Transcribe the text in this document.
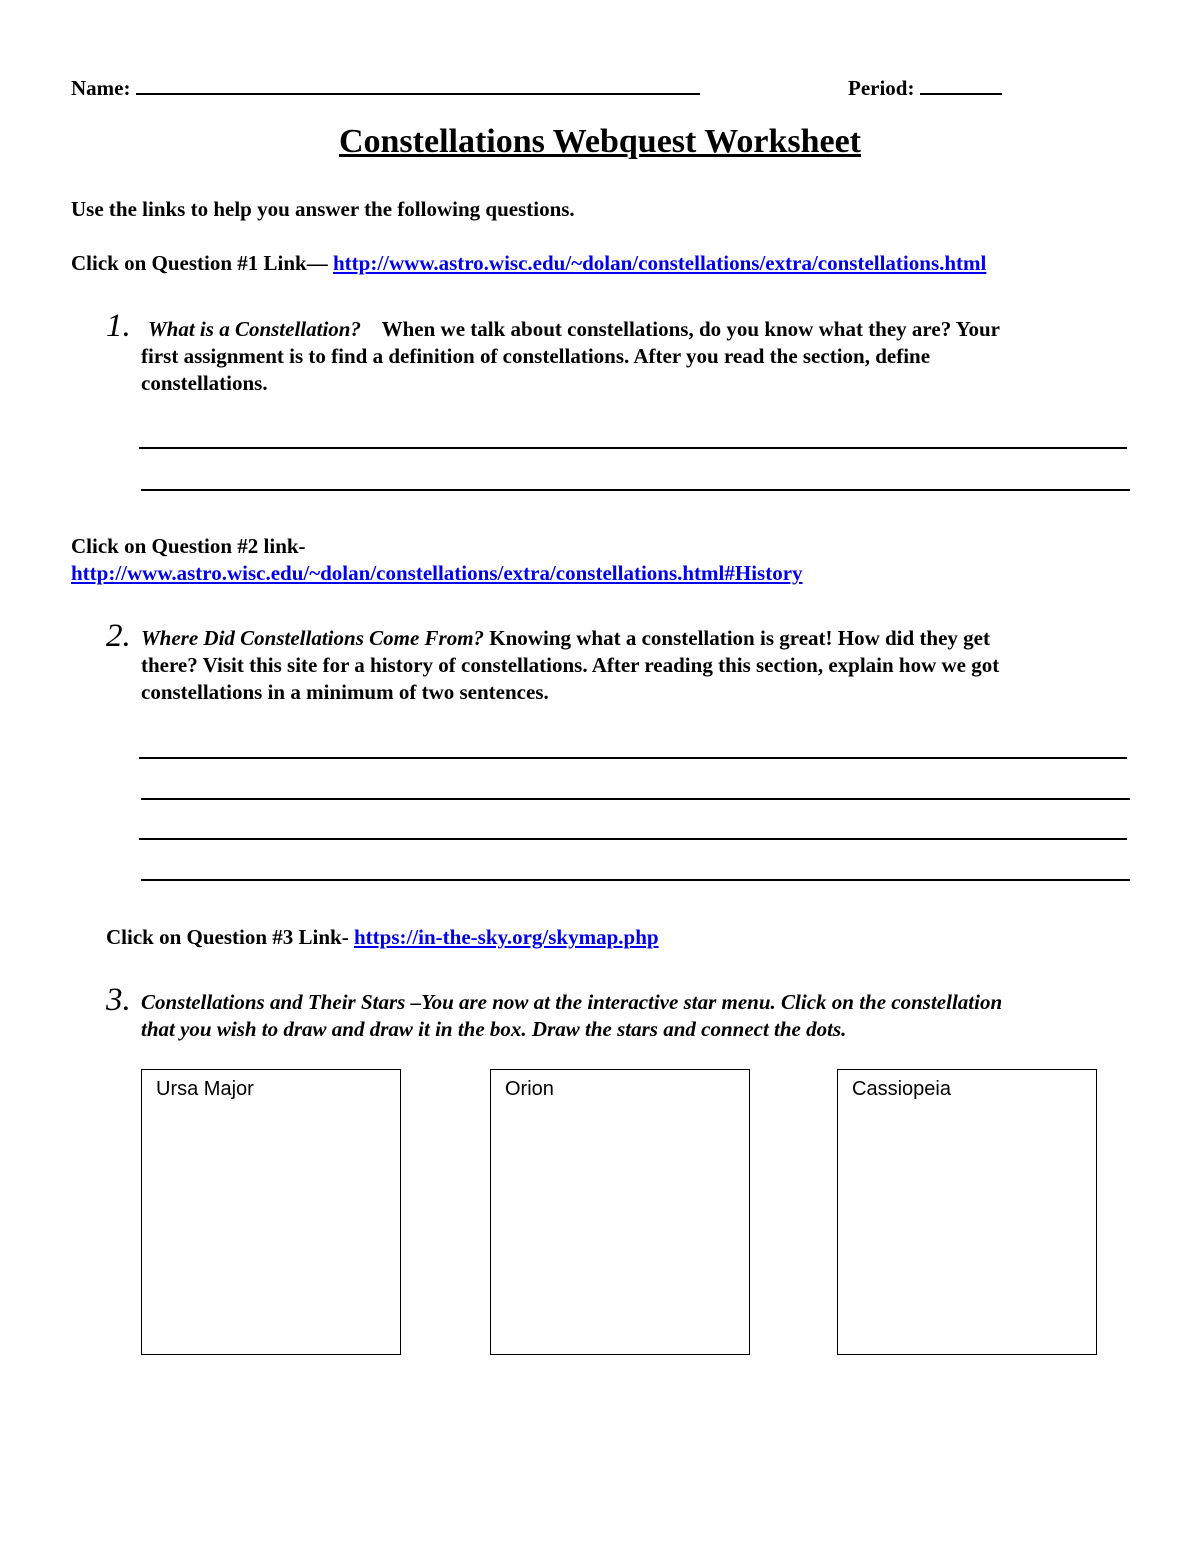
Name:	Period:
Constellations Webquest Worksheet
Use the links to help you answer the following questions.
Click on Question #1 Link— http://www.astro.wisc.edu/~dolan/constellations/extra/constellations.html
1. What is a Constellation? When we talk about constellations, do you know what they are? Your
first assignment is to find a definition of constellations. After you read the section, define
constellations.
Click on Question #2 link-
http://www.astro.wisc.edu/~dolan/constellations/extra/constellations.html#History
2. Where Did Constellations Come From? Knowing what a constellation is great! How did they get
there? Visit this site for a history of constellations. After reading this section, explain how we got
constellations in a minimum of two sentences.
Click on Question #3 Link- https://in-the-sky.org/skymap.php
3. Constellations and Their Stars –You are now at the interactive star menu. Click on the constellation
that you wish to draw and draw it in the box. Draw the stars and connect the dots.
Ursa Major	Orion	Cassiopeia
